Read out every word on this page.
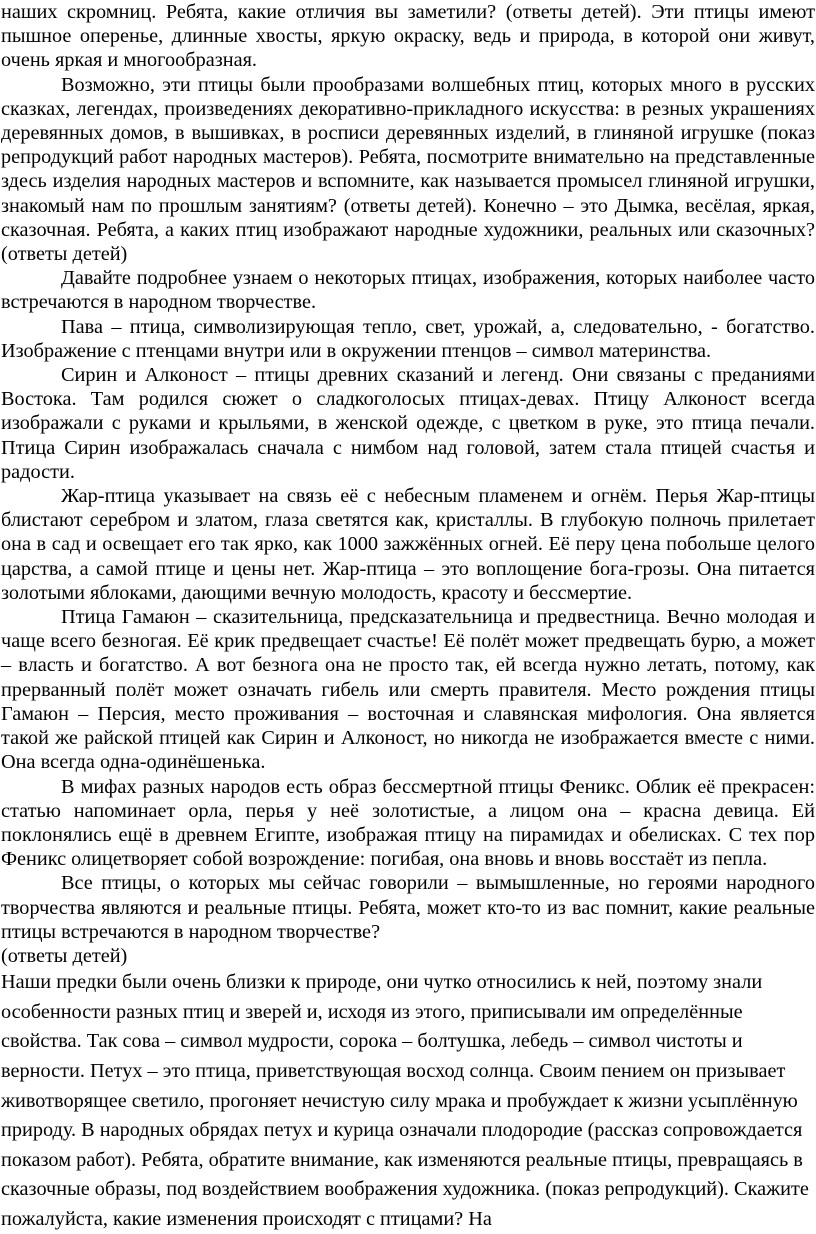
наших скромниц. Ребята, какие отличия вы заметили? (ответы детей). Эти птицы имеют пышное оперенье, длинные хвосты, яркую окраску, ведь и природа, в которой они живут, очень яркая и многообразная.

Возможно, эти птицы были прообразами волшебных птиц, которых много в русских сказках, легендах, произведениях декоративно-прикладного искусства: в резных украшениях деревянных домов, в вышивках, в росписи деревянных изделий, в глиняной игрушке (показ репродукций работ народных мастеров). Ребята, посмотрите внимательно на представленные здесь изделия народных мастеров и вспомните, как называется промысел глиняной игрушки, знакомый нам по прошлым занятиям? (ответы детей). Конечно – это Дымка, весёлая, яркая, сказочная. Ребята, а каких птиц изображают народные художники, реальных или сказочных? (ответы детей)

Давайте подробнее узнаем о некоторых птицах, изображения, которых наиболее часто встречаются в народном творчестве.

Пава – птица, символизирующая тепло, свет, урожай, а, следовательно, - богатство. Изображение с птенцами внутри или в окружении птенцов – символ материнства.

Сирин и Алконост – птицы древних сказаний и легенд. Они связаны с преданиями Востока. Там родился сюжет о сладкоголосых птицах-девах. Птицу Алконост всегда изображали с руками и крыльями, в женской одежде, с цветком в руке, это птица печали. Птица Сирин изображалась сначала с нимбом над головой, затем стала птицей счастья и радости.

Жар-птица указывает на связь её с небесным пламенем и огнём. Перья Жар-птицы блистают серебром и златом, глаза светятся как, кристаллы. В глубокую полночь прилетает она в сад и освещает его так ярко, как 1000 зажжённых огней. Её перу цена побольше целого царства, а самой птице и цены нет. Жар-птица – это воплощение бога-грозы. Она питается золотыми яблоками, дающими вечную молодость, красоту и бессмертие.

Птица Гамаюн – сказительница, предсказательница и предвестница. Вечно молодая и чаще всего безногая. Её крик предвещает счастье! Её полёт может предвещать бурю, а может – власть и богатство. А вот безнога она не просто так, ей всегда нужно летать, потому, как прерванный полёт может означать гибель или смерть правителя. Место рождения птицы Гамаюн – Персия, место проживания – восточная и славянская мифология. Она является такой же райской птицей как Сирин и Алконост, но никогда не изображается вместе с ними. Она всегда одна-одинёшенька.

В мифах разных народов есть образ бессмертной птицы Феникс. Облик её прекрасен: статью напоминает орла, перья у неё золотистые, а лицом она – красна девица. Ей поклонялись ещё в древнем Египте, изображая птицу на пирамидах и обелисках. С тех пор Феникс олицетворяет собой возрождение: погибая, она вновь и вновь восстаёт из пепла.

Все птицы, о которых мы сейчас говорили – вымышленные, но героями народного творчества являются и реальные птицы. Ребята, может кто-то из вас помнит, какие реальные птицы встречаются в народном творчестве?

(ответы детей)

Наши предки были очень близки к природе, они чутко относились к ней, поэтому знали особенности разных птиц и зверей и, исходя из этого, приписывали им определённые свойства. Так сова – символ мудрости, сорока – болтушка, лебедь – символ чистоты и верности. Петух – это птица, приветствующая восход солнца. Своим пением он призывает животворящее светило, прогоняет нечистую силу мрака и пробуждает к жизни усыплённую природу. В народных обрядах петух и курица означали плодородие (рассказ сопровождается показом работ). Ребята, обратите внимание, как изменяются реальные птицы, превращаясь в сказочные образы, под воздействием воображения художника. (показ репродукций). Скажите пожалуйста, какие изменения происходят с птицами? На
